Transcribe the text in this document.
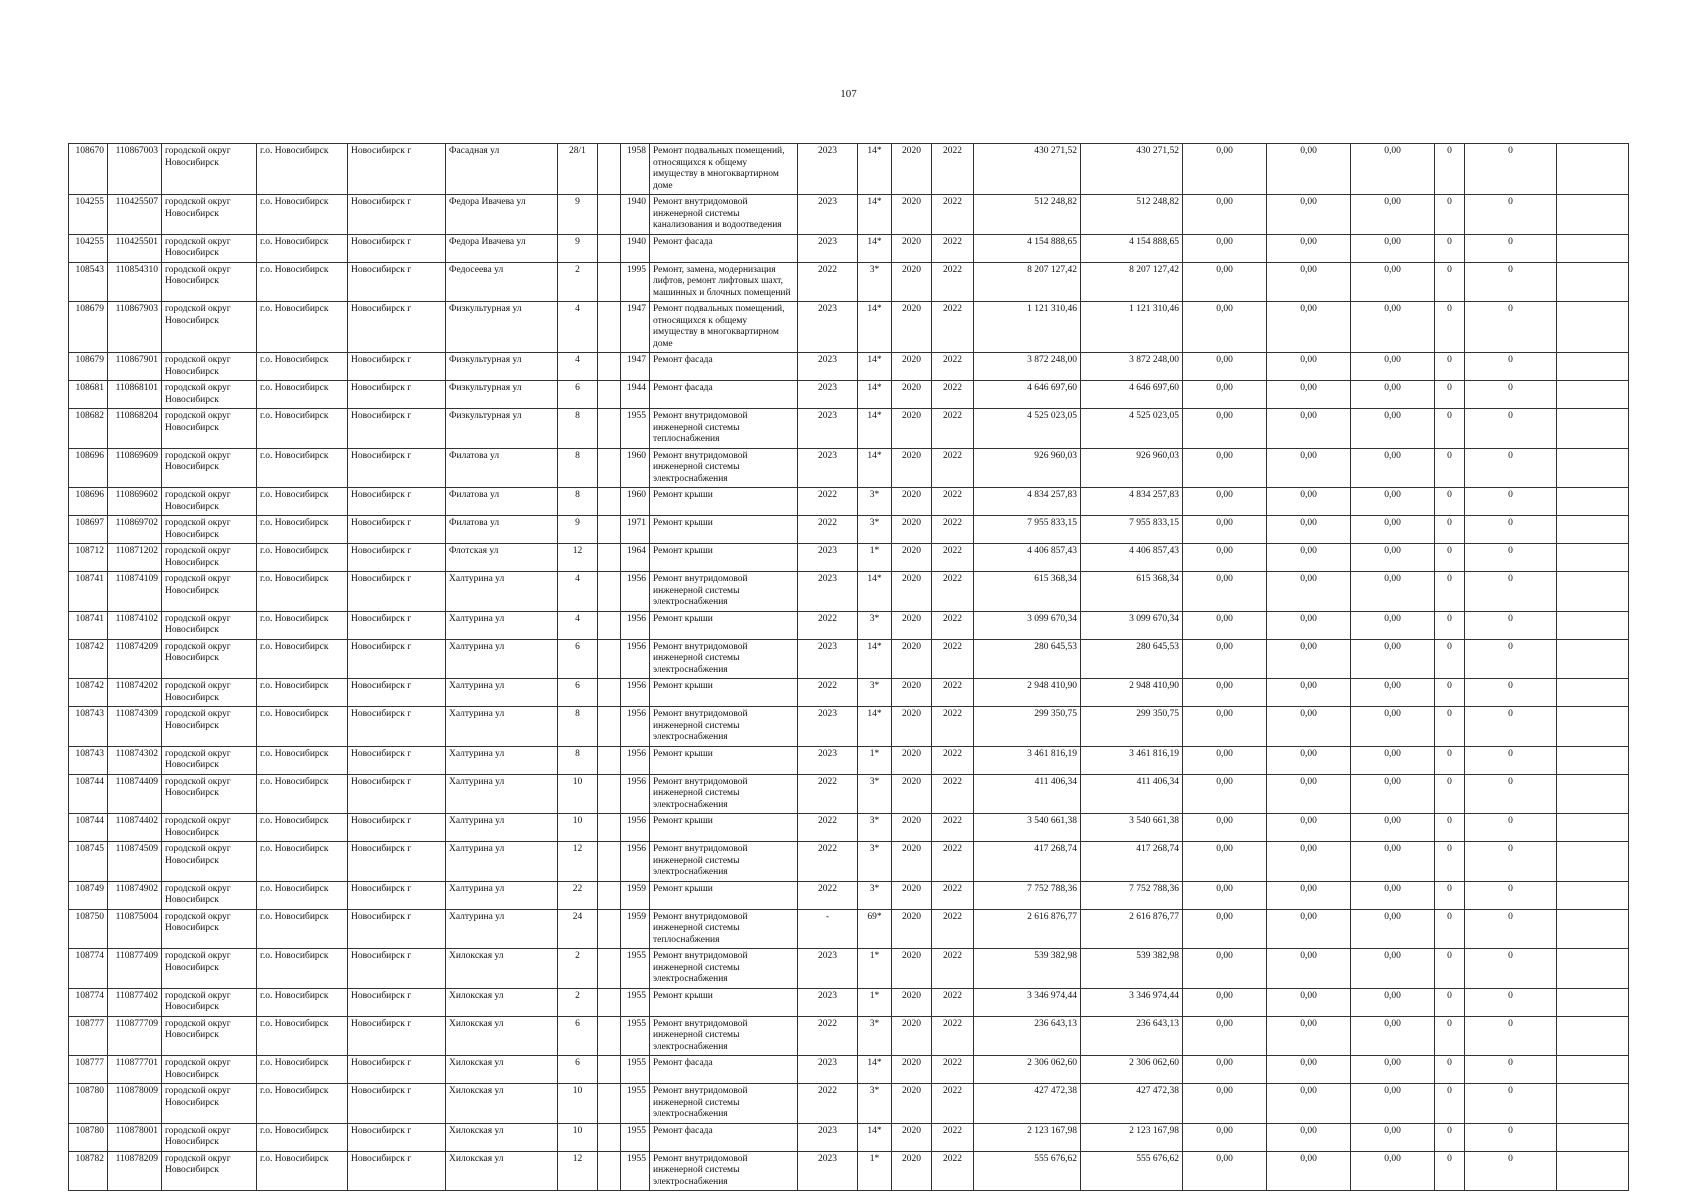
107
108670	110867003	городской округ Новосибирск	г.о. Новосибирск	Новосибирск г	Фасадная ул	28/1		1958	Ремонт подвальных помещений, относящихся к общему имуществу в многоквартирном доме	2023	14*	2020	2022	430 271,52	430 271,52	0,00	0,00	0,00	0	0	
104255	110425507	городской округ Новосибирск	г.о. Новосибирск	Новосибирск г	Федора Ивачева ул	9		1940	Ремонт внутридомовой инженерной системы канализования и водоотведения	2023	14*	2020	2022	512 248,82	512 248,82	0,00	0,00	0,00	0	0	
104255	110425501	городской округ Новосибирск	г.о. Новосибирск	Новосибирск г	Федора Ивачева ул	9		1940	Ремонт фасада	2023	14*	2020	2022	4 154 888,65	4 154 888,65	0,00	0,00	0,00	0	0	
108543	110854310	городской округ Новосибирск	г.о. Новосибирск	Новосибирск г	Федосеева ул	2		1995	Ремонт, замена, модернизация лифтов, ремонт лифтовых шахт, машинных и блочных помещений	2022	3*	2020	2022	8 207 127,42	8 207 127,42	0,00	0,00	0,00	0	0	
108679	110867903	городской округ Новосибирск	г.о. Новосибирск	Новосибирск г	Физкультурная ул	4		1947	Ремонт подвальных помещений, относящихся к общему имуществу в многоквартирном доме	2023	14*	2020	2022	1 121 310,46	1 121 310,46	0,00	0,00	0,00	0	0	
108679	110867901	городской округ Новосибирск	г.о. Новосибирск	Новосибирск г	Физкультурная ул	4		1947	Ремонт фасада	2023	14*	2020	2022	3 872 248,00	3 872 248,00	0,00	0,00	0,00	0	0	
108681	110868101	городской округ Новосибирск	г.о. Новосибирск	Новосибирск г	Физкультурная ул	6		1944	Ремонт фасада	2023	14*	2020	2022	4 646 697,60	4 646 697,60	0,00	0,00	0,00	0	0	
108682	110868204	городской округ Новосибирск	г.о. Новосибирск	Новосибирск г	Физкультурная ул	8		1955	Ремонт внутридомовой инженерной системы теплоснабжения	2023	14*	2020	2022	4 525 023,05	4 525 023,05	0,00	0,00	0,00	0	0	
108696	110869609	городской округ Новосибирск	г.о. Новосибирск	Новосибирск г	Филатова ул	8		1960	Ремонт внутридомовой инженерной системы электроснабжения	2023	14*	2020	2022	926 960,03	926 960,03	0,00	0,00	0,00	0	0	
108696	110869602	городской округ Новосибирск	г.о. Новосибирск	Новосибирск г	Филатова ул	8		1960	Ремонт крыши	2022	3*	2020	2022	4 834 257,83	4 834 257,83	0,00	0,00	0,00	0	0	
108697	110869702	городской округ Новосибирск	г.о. Новосибирск	Новосибирск г	Филатова ул	9		1971	Ремонт крыши	2022	3*	2020	2022	7 955 833,15	7 955 833,15	0,00	0,00	0,00	0	0	
108712	110871202	городской округ Новосибирск	г.о. Новосибирск	Новосибирск г	Флотская ул	12		1964	Ремонт крыши	2023	1*	2020	2022	4 406 857,43	4 406 857,43	0,00	0,00	0,00	0	0	
108741	110874109	городской округ Новосибирск	г.о. Новосибирск	Новосибирск г	Халтурина ул	4		1956	Ремонт внутридомовой инженерной системы электроснабжения	2023	14*	2020	2022	615 368,34	615 368,34	0,00	0,00	0,00	0	0	
108741	110874102	городской округ Новосибирск	г.о. Новосибирск	Новосибирск г	Халтурина ул	4		1956	Ремонт крыши	2022	3*	2020	2022	3 099 670,34	3 099 670,34	0,00	0,00	0,00	0	0	
108742	110874209	городской округ Новосибирск	г.о. Новосибирск	Новосибирск г	Халтурина ул	6		1956	Ремонт внутридомовой инженерной системы электроснабжения	2023	14*	2020	2022	280 645,53	280 645,53	0,00	0,00	0,00	0	0	
108742	110874202	городской округ Новосибирск	г.о. Новосибирск	Новосибирск г	Халтурина ул	6		1956	Ремонт крыши	2022	3*	2020	2022	2 948 410,90	2 948 410,90	0,00	0,00	0,00	0	0	
108743	110874309	городской округ Новосибирск	г.о. Новосибирск	Новосибирск г	Халтурина ул	8		1956	Ремонт внутридомовой инженерной системы электроснабжения	2023	14*	2020	2022	299 350,75	299 350,75	0,00	0,00	0,00	0	0	
108743	110874302	городской округ Новосибирск	г.о. Новосибирск	Новосибирск г	Халтурина ул	8		1956	Ремонт крыши	2023	1*	2020	2022	3 461 816,19	3 461 816,19	0,00	0,00	0,00	0	0	
108744	110874409	городской округ Новосибирск	г.о. Новосибирск	Новосибирск г	Халтурина ул	10		1956	Ремонт внутридомовой инженерной системы электроснабжения	2022	3*	2020	2022	411 406,34	411 406,34	0,00	0,00	0,00	0	0	
108744	110874402	городской округ Новосибирск	г.о. Новосибирск	Новосибирск г	Халтурина ул	10		1956	Ремонт крыши	2022	3*	2020	2022	3 540 661,38	3 540 661,38	0,00	0,00	0,00	0	0	
108745	110874509	городской округ Новосибирск	г.о. Новосибирск	Новосибирск г	Халтурина ул	12		1956	Ремонт внутридомовой инженерной системы электроснабжения	2022	3*	2020	2022	417 268,74	417 268,74	0,00	0,00	0,00	0	0	
108749	110874902	городской округ Новосибирск	г.о. Новосибирск	Новосибирск г	Халтурина ул	22		1959	Ремонт крыши	2022	3*	2020	2022	7 752 788,36	7 752 788,36	0,00	0,00	0,00	0	0	
108750	110875004	городской округ Новосибирск	г.о. Новосибирск	Новосибирск г	Халтурина ул	24		1959	Ремонт внутридомовой инженерной системы теплоснабжения	-	69*	2020	2022	2 616 876,77	2 616 876,77	0,00	0,00	0,00	0	0	
108774	110877409	городской округ Новосибирск	г.о. Новосибирск	Новосибирск г	Хилокская ул	2		1955	Ремонт внутридомовой инженерной системы электроснабжения	2023	1*	2020	2022	539 382,98	539 382,98	0,00	0,00	0,00	0	0	
108774	110877402	городской округ Новосибирск	г.о. Новосибирск	Новосибирск г	Хилокская ул	2		1955	Ремонт крыши	2023	1*	2020	2022	3 346 974,44	3 346 974,44	0,00	0,00	0,00	0	0	
108777	110877709	городской округ Новосибирск	г.о. Новосибирск	Новосибирск г	Хилокская ул	6		1955	Ремонт внутридомовой инженерной системы электроснабжения	2022	3*	2020	2022	236 643,13	236 643,13	0,00	0,00	0,00	0	0	
108777	110877701	городской округ Новосибирск	г.о. Новосибирск	Новосибирск г	Хилокская ул	6		1955	Ремонт фасада	2023	14*	2020	2022	2 306 062,60	2 306 062,60	0,00	0,00	0,00	0	0	
108780	110878009	городской округ Новосибирск	г.о. Новосибирск	Новосибирск г	Хилокская ул	10		1955	Ремонт внутридомовой инженерной системы электроснабжения	2022	3*	2020	2022	427 472,38	427 472,38	0,00	0,00	0,00	0	0	
108780	110878001	городской округ Новосибирск	г.о. Новосибирск	Новосибирск г	Хилокская ул	10		1955	Ремонт фасада	2023	14*	2020	2022	2 123 167,98	2 123 167,98	0,00	0,00	0,00	0	0	
108782	110878209	городской округ Новосибирск	г.о. Новосибирск	Новосибирск г	Хилокская ул	12		1955	Ремонт внутридомовой инженерной системы электроснабжения	2023	1*	2020	2022	555 676,62	555 676,62	0,00	0,00	0,00	0	0	
